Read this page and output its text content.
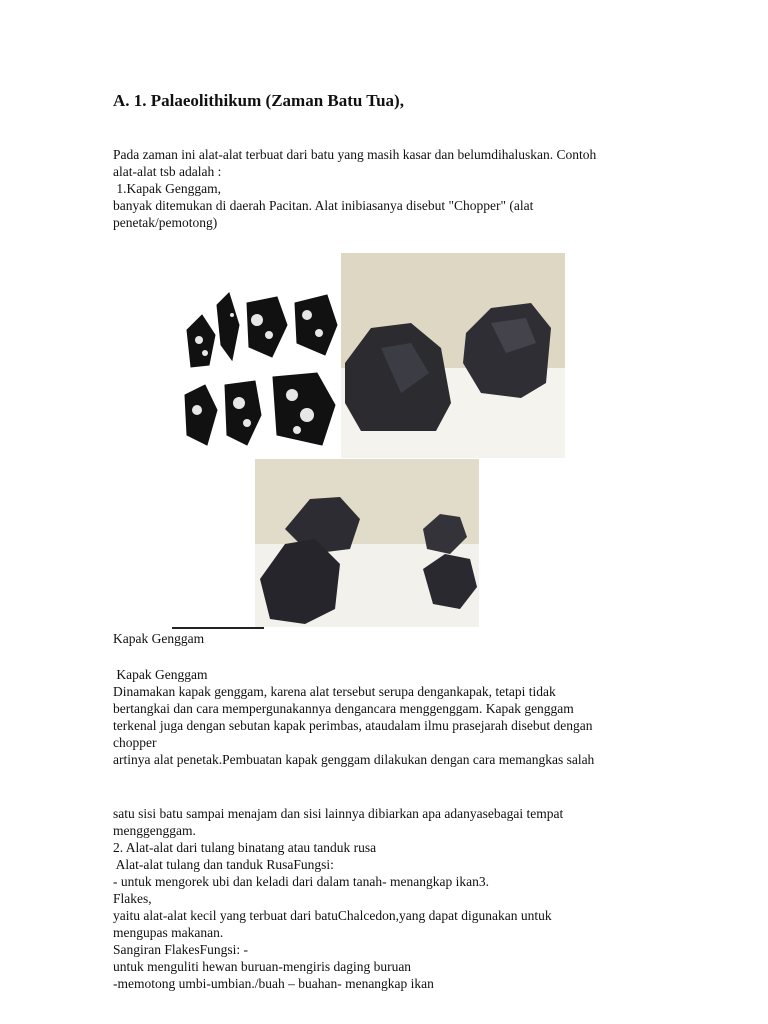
A. 1. Palaeolithikum (Zaman Batu Tua),
Pada zaman ini alat-alat terbuat dari batu yang masih kasar dan belumdihaluskan. Contoh
alat-alat tsb adalah :
1.Kapak Genggam,
banyak ditemukan di daerah Pacitan. Alat inibiasanya disebut "Chopper" (alat
penetak/pemotong)
Kapak Genggam
Kapak Genggam
Dinamakan kapak genggam, karena alat tersebut serupa dengankapak, tetapi tidak
bertangkai dan cara mempergunakannya dengancara menggenggam. Kapak genggam
terkenal juga dengan sebutan kapak perimbas, ataudalam ilmu prasejarah disebut dengan
chopper
artinya alat penetak.Pembuatan kapak genggam dilakukan dengan cara memangkas salah
satu sisi batu sampai menajam dan sisi lainnya dibiarkan apa adanyasebagai tempat
menggenggam.
2. Alat-alat dari tulang binatang atau tanduk rusa
Alat-alat tulang dan tanduk RusaFungsi:
- untuk mengorek ubi dan keladi dari dalam tanah- menangkap ikan3.
Flakes,
yaitu alat-alat kecil yang terbuat dari batuChalcedon,yang dapat digunakan untuk
mengupas makanan.
Sangiran FlakesFungsi: -
untuk menguliti hewan buruan-mengiris daging buruan
-memotong umbi-umbian./buah – buahan- menangkap ikan
